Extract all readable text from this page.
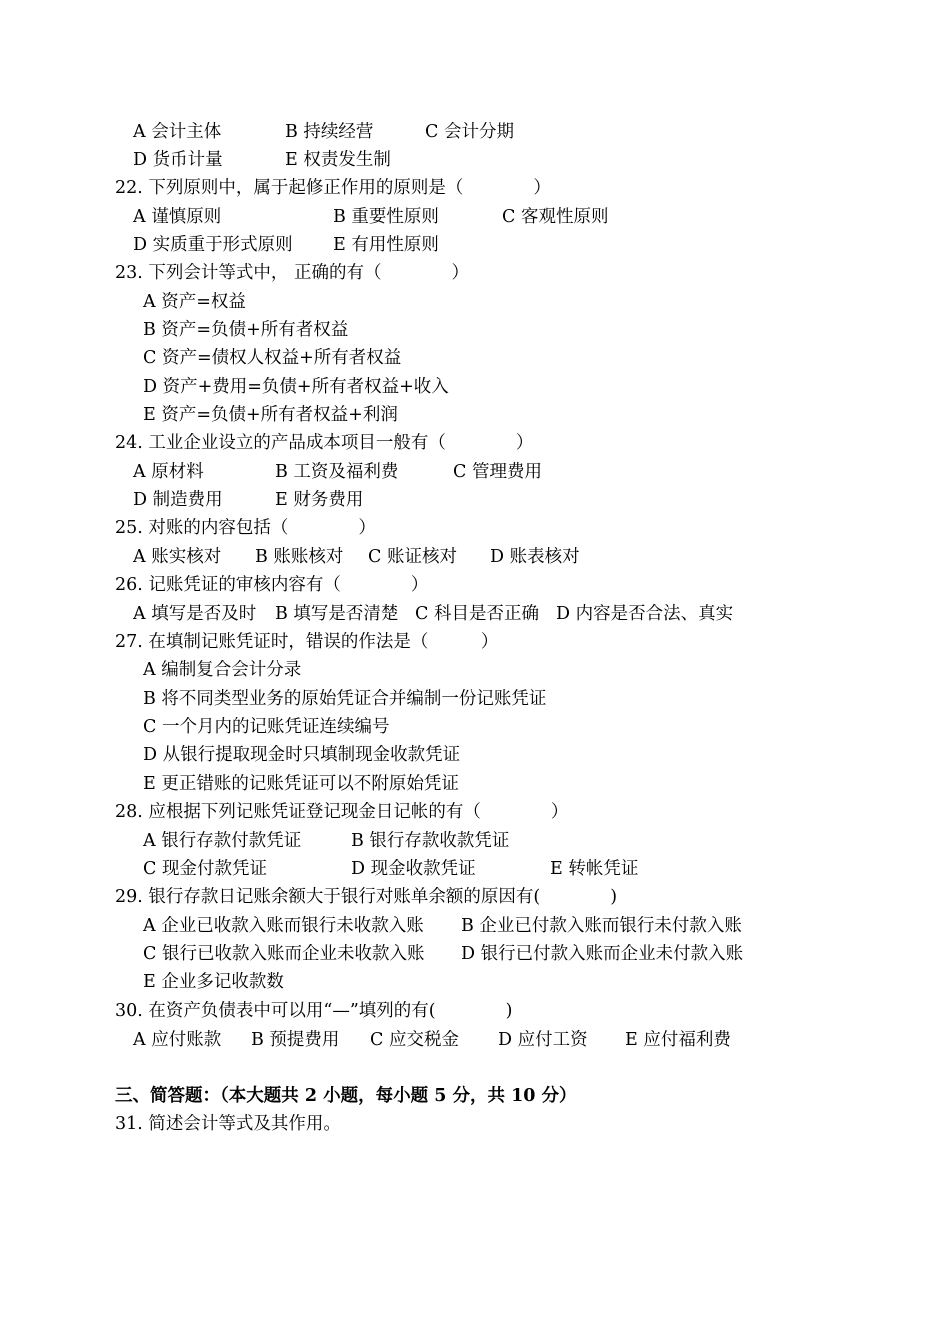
A 会计主体	B 持续经营	C 会计分期
D 货币计量	E 权责发生制
22. 下列原则中，属于起修正作用的原则是（　　　　）
A 谨慎原则	B 重要性原则	C 客观性原则
D 实质重于形式原则 E 有用性原则
23. 下列会计等式中， 正确的有（　　　　）
A 资产=权益
B 资产=负债+所有者权益
C 资产=债权人权益+所有者权益
D 资产+费用=负债+所有者权益+收入
E 资产=负债+所有者权益+利润
24. 工业企业设立的产品成本项目一般有（　　　　）
A 原材料	B 工资及福利费	C 管理费用
D 制造费用	E 财务费用
25. 对账的内容包括（　　　　）
A 账实核对 B 账账核对 C 账证核对 D 账表核对
26. 记账凭证的审核内容有（　　　　）
A 填写是否及时 B 填写是否清楚 C 科目是否正确 D 内容是否合法、真实
27. 在填制记账凭证时，错误的作法是（　　　）
A 编制复合会计分录
B 将不同类型业务的原始凭证合并编制一份记账凭证
C 一个月内的记账凭证连续编号
D 从银行提取现金时只填制现金收款凭证
E 更正错账的记账凭证可以不附原始凭证
28. 应根据下列记账凭证登记现金日记帐的有（　　　　）
A 银行存款付款凭证	B 银行存款收款凭证
C 现金付款凭证	D 现金收款凭证	E 转帐凭证
29. 银行存款日记账余额大于银行对账单余额的原因有(　　　　)
A 企业已收款入账而银行未收款入账 B 企业已付款入账而银行未付款入账
C 银行已收款入账而企业未收款入账 D 银行已付款入账而企业未付款入账
E 企业多记收款数
30. 在资产负债表中可以用“—”填列的有(　　　　)
A 应付账款 B 预提费用 C 应交税金 D 应付工资 E 应付福利费
三、简答题：（本大题共 2 小题，每小题 5 分，共 10 分）
31. 简述会计等式及其作用。
